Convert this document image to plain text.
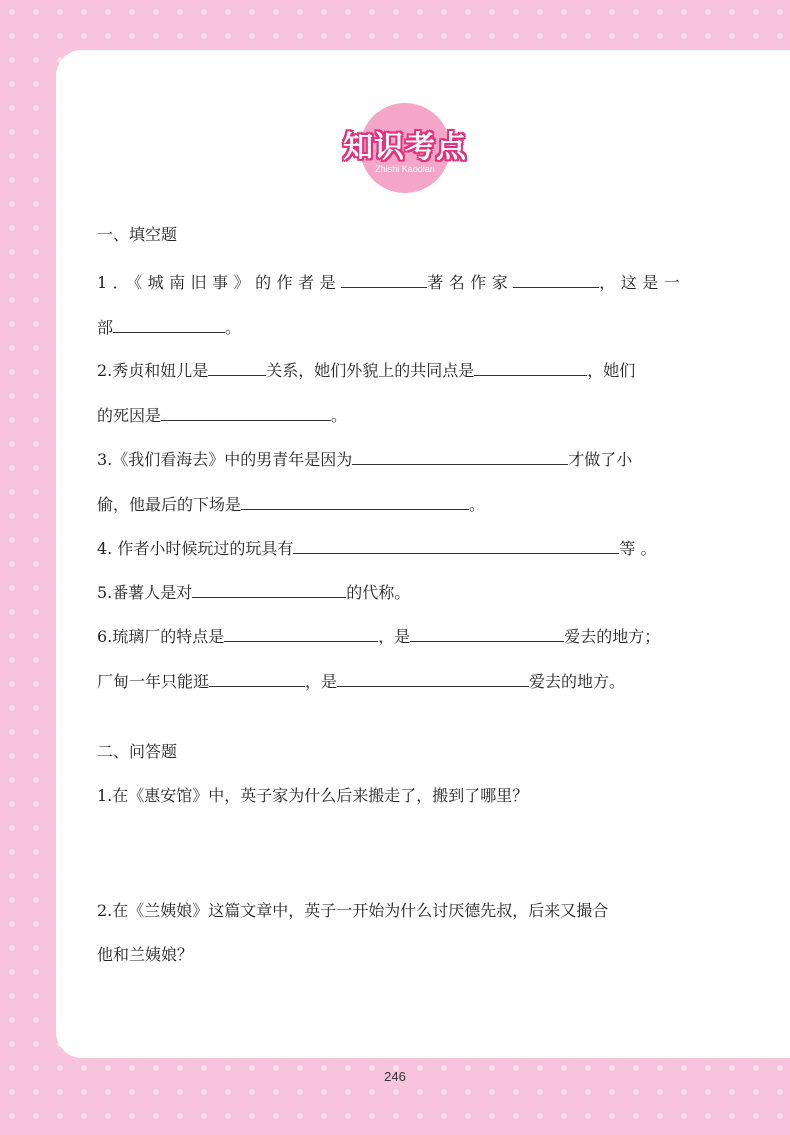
知识考点
Zhishi Kaodian
一、填空题
1．《城南旧事》的作者是	著名作家	，这是一
部	。
2.秀贞和妞儿是	关系，她们外貌上的共同点是	，她们
的死因是	。
3.《我们看海去》中的男青年是因为	才做了小
偷，他最后的下场是	。
4. 作者小时候玩过的玩具有	等 。
5.番薯人是对	的代称。
6.琉璃厂的特点是	，是	爱去的地方；
厂甸一年只能逛	，是	爱去的地方。
二、问答题
1.在《惠安馆》中，英子家为什么后来搬走了，搬到了哪里？
2.在《兰姨娘》这篇文章中，英子一开始为什么讨厌德先叔，后来又撮合
他和兰姨娘？
246
